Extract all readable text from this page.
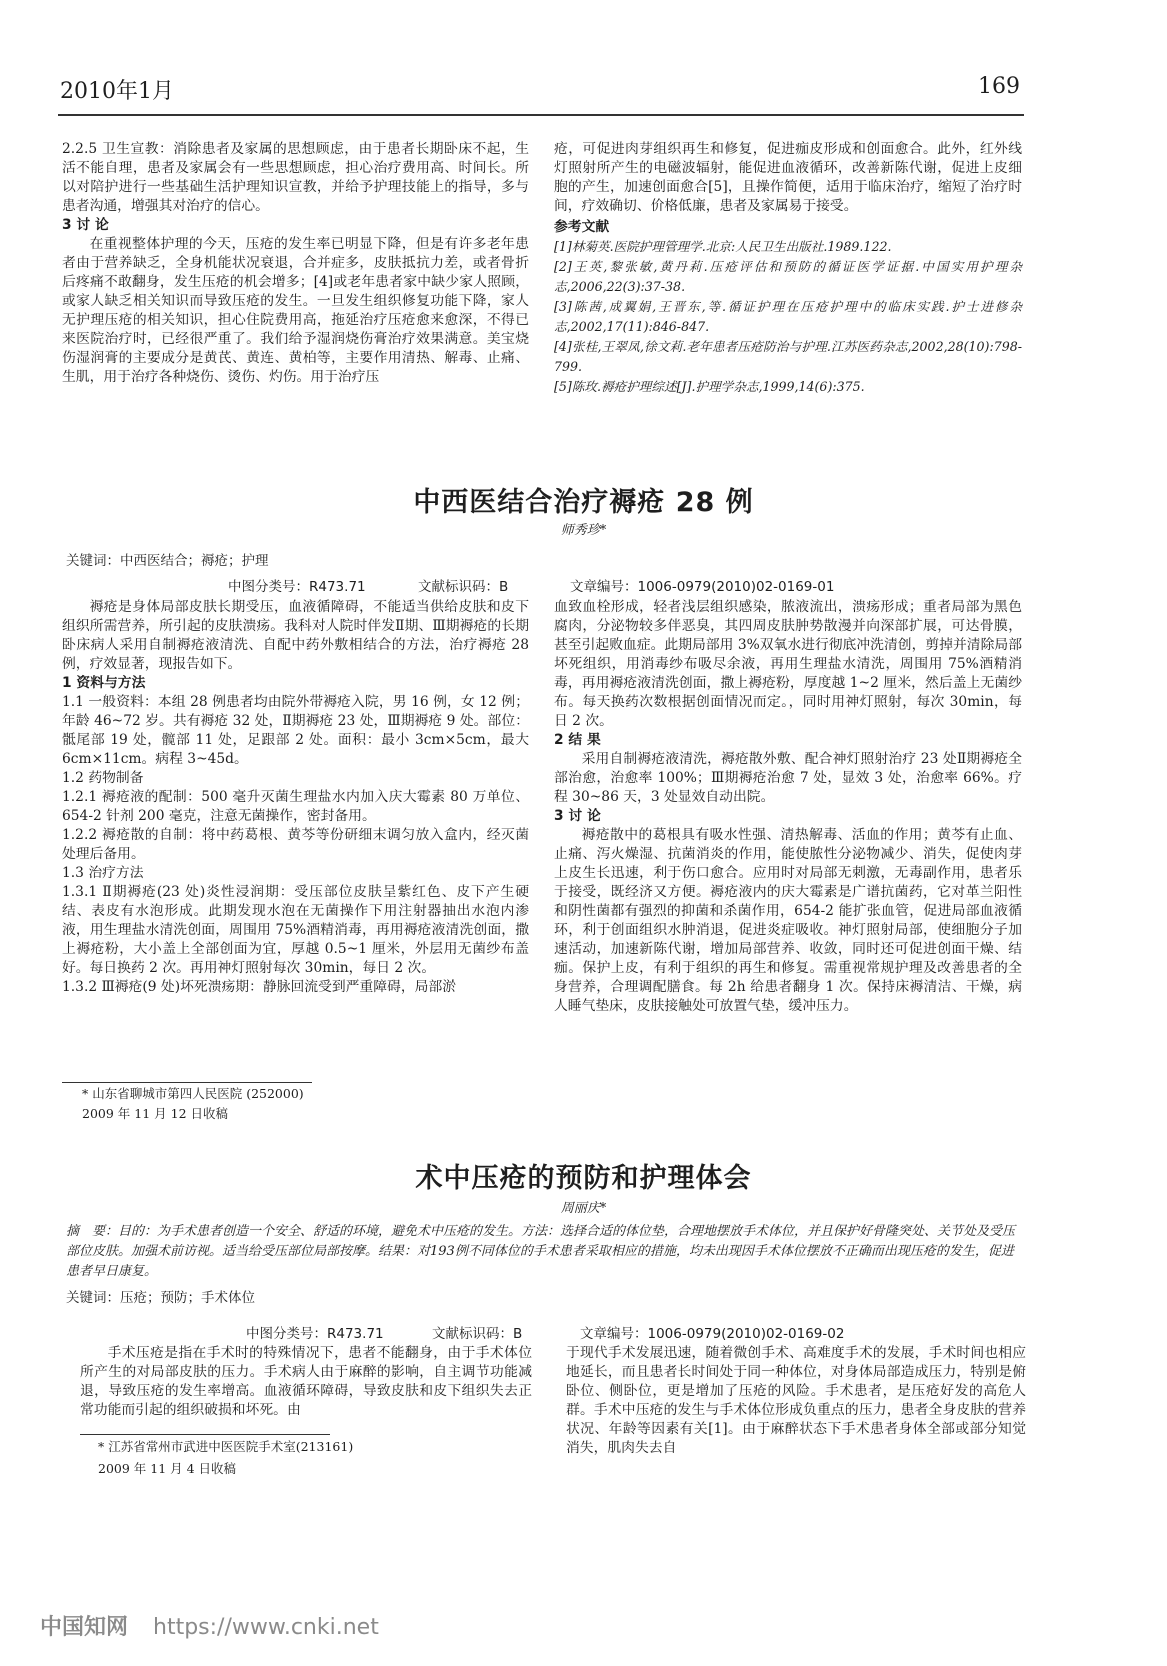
2010年1月	169

2.2.5 卫生宣教：消除患者及家属的思想顾虑，由于患者长期卧床不起，生活不能自理，患者及家属会有一些思想顾虑，担心治疗费用高、时间长。所以对陪护进行一些基础生活护理知识宣教，并给予护理技能上的指导，多与患者沟通，增强其对治疗的信心。

3 讨 论

在重视整体护理的今天，压疮的发生率已明显下降，但是有许多老年患者由于营养缺乏，全身机能状况衰退，合并症多，皮肤抵抗力差，或者骨折后疼痛不敢翻身，发生压疮的机会增多；[4]或老年患者家中缺少家人照顾，或家人缺乏相关知识而导致压疮的发生。一旦发生组织修复功能下降，家人无护理压疮的相关知识，担心住院费用高，拖延治疗压疮愈来愈深，不得已来医院治疗时，已经很严重了。我们给予湿润烧伤膏治疗效果满意。美宝烧伤湿润膏的主要成分是黄芪、黄连、黄柏等，主要作用清热、解毒、止痛、生肌，用于治疗各种烧伤、烫伤、灼伤。用于治疗压

疮，可促进肉芽组织再生和修复，促进痂皮形成和创面愈合。此外，红外线灯照射所产生的电磁波辐射，能促进血液循环，改善新陈代谢，促进上皮细胞的产生，加速创面愈合[5]，且操作简便，适用于临床治疗，缩短了治疗时间，疗效确切、价格低廉，患者及家属易于接受。

参考文献

[1]林菊英.医院护理管理学.北京:人民卫生出版社.1989.122.

[2]王英,黎张敏,黄丹莉.压疮评估和预防的循证医学证据.中国实用护理杂志,2006,22(3):37-38.

[3]陈茜,成翼娟,王晋东,等.循证护理在压疮护理中的临床实践.护士进修杂志,2002,17(11):846-847.

[4]张桂,王翠凤,徐文莉.老年患者压疮防治与护理.江苏医药杂志,2002,28(10):798-799.

[5]陈玫.褥疮护理综述[J].护理学杂志,1999,14(6):375.

中西医结合治疗褥疮 28 例
师秀珍*
关键词：中西医结合；褥疮；护理
中图分类号：R473.71	文献标识码：B	文章编号：1006-0979(2010)02-0169-01

褥疮是身体局部皮肤长期受压，血液循障碍，不能适当供给皮肤和皮下组织所需营养，所引起的皮肤溃疡。我科对人院时伴发Ⅱ期、Ⅲ期褥疮的长期卧床病人采用自制褥疮液清洗、自配中药外敷相结合的方法，治疗褥疮 28 例，疗效显著，现报告如下。

1 资料与方法

1.1 一般资料：本组 28 例患者均由院外带褥疮入院，男 16 例，女 12 例；年龄 46~72 岁。共有褥疮 32 处，Ⅱ期褥疮 23 处，Ⅲ期褥疮 9 处。部位：骶尾部 19 处，髋部 11 处，足跟部 2 处。面积：最小 3cm×5cm，最大 6cm×11cm。病程 3~45d。

1.2 药物制备

1.2.1 褥疮液的配制：500 毫升灭菌生理盐水内加入庆大霉素 80 万单位、654-2 针剂 200 毫克，注意无菌操作，密封备用。

1.2.2 褥疮散的自制：将中药葛根、黄芩等份研细末调匀放入盒内，经灭菌处理后备用。

1.3 治疗方法

1.3.1 Ⅱ期褥疮(23 处)炎性浸润期：受压部位皮肤呈紫红色、皮下产生硬结、表皮有水泡形成。此期发现水泡在无菌操作下用注射器抽出水泡内渗液，用生理盐水清洗创面，周围用 75%酒精消毒，再用褥疮液清洗创面，撒上褥疮粉，大小盖上全部创面为宜，厚越 0.5~1 厘米，外层用无菌纱布盖好。每日换药 2 次。再用神灯照射每次 30min，每日 2 次。

1.3.2 Ⅲ褥疮(9 处)坏死溃疡期：静脉回流受到严重障碍，局部淤

* 山东省聊城市第四人民医院 (252000)
2009 年 11 月 12 日收稿

血致血栓形成，轻者浅层组织感染，脓液流出，溃疡形成；重者局部为黑色腐肉，分泌物较多伴恶臭，其四周皮肤肿势散漫并向深部扩展，可达骨膜，甚至引起败血症。此期局部用 3%双氧水进行彻底冲洗清创，剪掉并清除局部坏死组织，用消毒纱布吸尽余液，再用生理盐水清洗，周围用 75%酒精消毒，再用褥疮液清洗创面，撒上褥疮粉，厚度越 1~2 厘米，然后盖上无菌纱布。每天换药次数根据创面情况而定。，同时用神灯照射，每次 30min，每日 2 次。

2 结 果

采用自制褥疮液清洗，褥疮散外敷、配合神灯照射治疗 23 处Ⅱ期褥疮全部治愈，治愈率 100%；Ⅲ期褥疮治愈 7 处，显效 3 处，治愈率 66%。疗程 30~86 天，3 处显效自动出院。

3 讨 论

褥疮散中的葛根具有吸水性强、清热解毒、活血的作用；黄芩有止血、止痛、泻火燥湿、抗菌消炎的作用，能使脓性分泌物减少、消失，促使肉芽上皮生长迅速，利于伤口愈合。应用时对局部无刺激，无毒副作用，患者乐于接受，既经济又方便。褥疮液内的庆大霉素是广谱抗菌药，它对革兰阳性和阴性菌都有强烈的抑菌和杀菌作用，654-2 能扩张血管，促进局部血液循环，利于创面组织水肿消退，促进炎症吸收。神灯照射局部，使细胞分子加速活动，加速新陈代谢，增加局部营养、收敛，同时还可促进创面干燥、结痂。保护上皮，有利于组织的再生和修复。需重视常规护理及改善患者的全身营养，合理调配膳食。每 2h 给患者翻身 1 次。保持床褥清洁、干燥，病人睡气垫床，皮肤接触处可放置气垫，缓冲压力。

术中压疮的预防和护理体会
周丽庆*
摘　要：目的：为手术患者创造一个安全、舒适的环境，避免术中压疮的发生。方法：选择合适的体位垫，合理地摆放手术体位，并且保护好骨隆突处、关节处及受压部位皮肤。加强术前访视。适当给受压部位局部按摩。结果：对193例不同体位的手术患者采取相应的措施，均未出现因手术体位摆放不正确而出现压疮的发生，促进患者早日康复。
关键词：压疮；预防；手术体位
中图分类号：R473.71	文献标识码：B	文章编号：1006-0979(2010)02-0169-02

手术压疮是指在手术时的特殊情况下，患者不能翻身，由于手术体位所产生的对局部皮肤的压力。手术病人由于麻醉的影响，自主调节功能减退，导致压疮的发生率增高。血液循环障碍，导致皮肤和皮下组织失去正常功能而引起的组织破损和坏死。由

* 江苏省常州市武进中医医院手术室(213161)
2009 年 11 月 4 日收稿

于现代手术发展迅速，随着微创手术、高难度手术的发展，手术时间也相应地延长，而且患者长时间处于同一种体位，对身体局部造成压力，特别是俯卧位、侧卧位，更是增加了压疮的风险。手术患者，是压疮好发的高危人群。手术中压疮的发生与手术体位形成负重点的压力，患者全身皮肤的营养状况、年龄等因素有关[1]。由于麻醉状态下手术患者身体全部或部分知觉消失，肌肉失去自

中国知网 https://www.cnki.net
